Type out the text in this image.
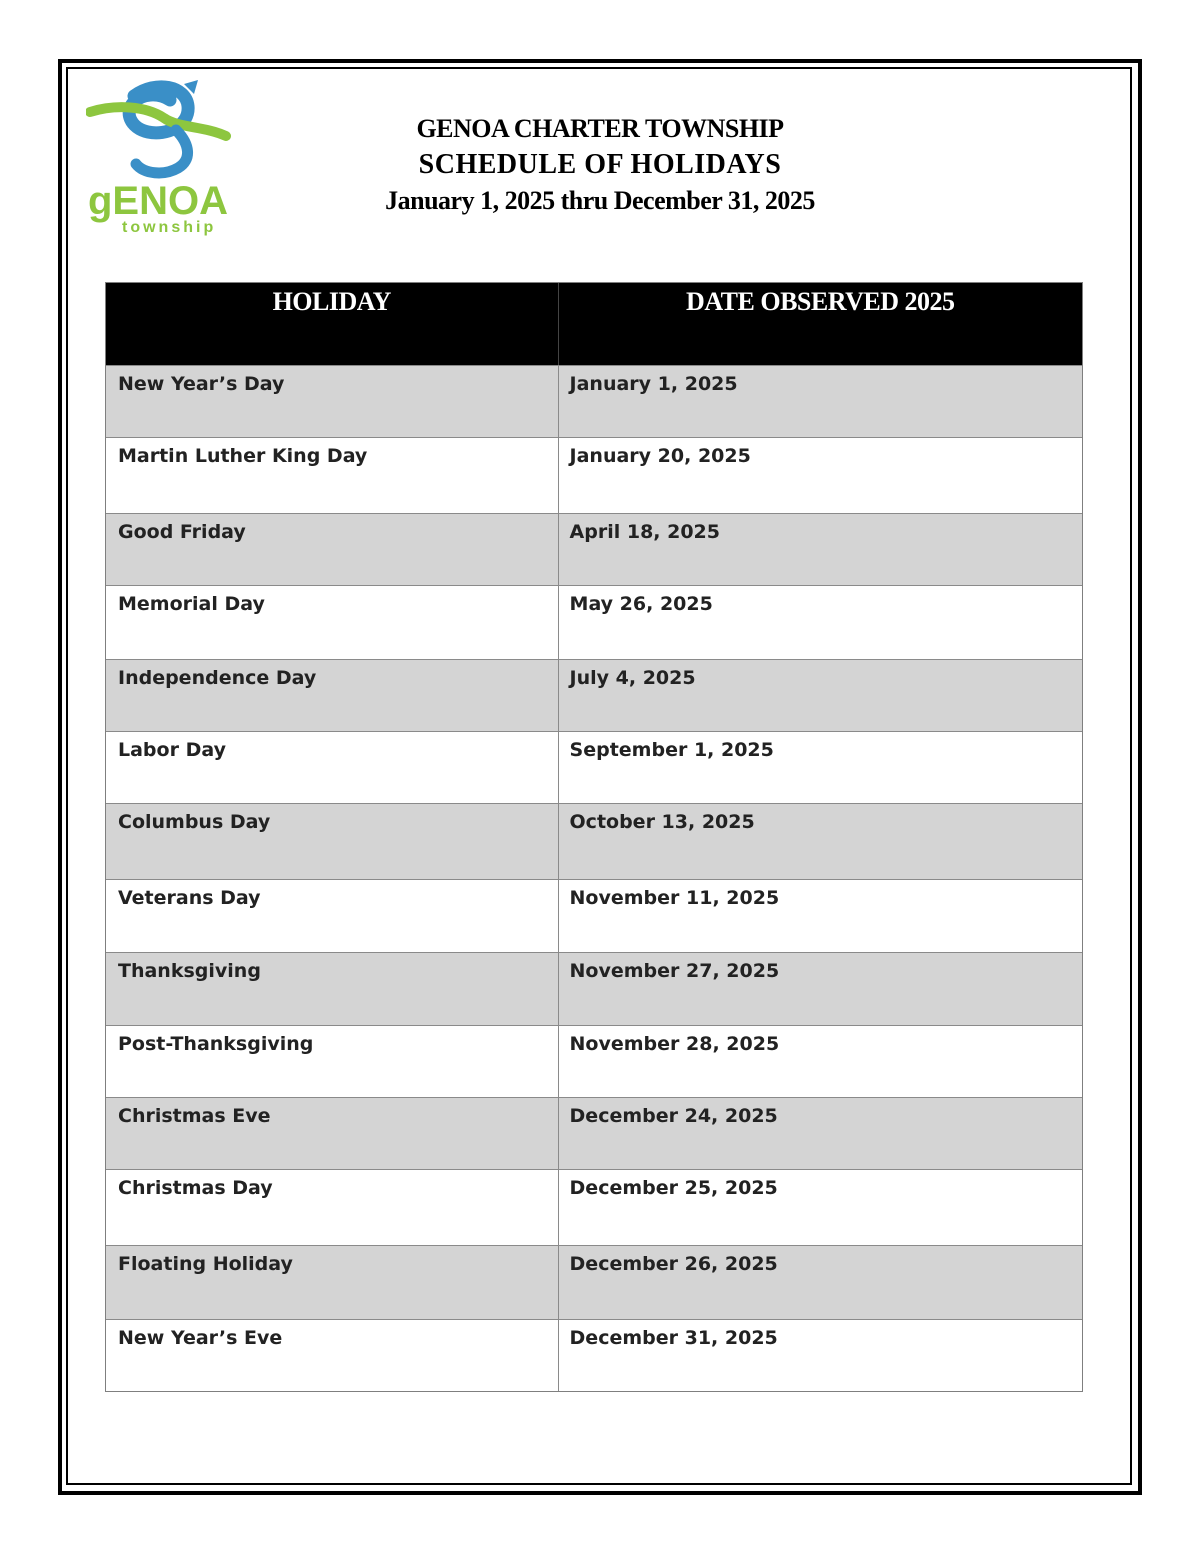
gENOA
township
GENOA CHARTER TOWNSHIP
SCHEDULE OF HOLIDAYS
January 1, 2025 thru December 31, 2025
HOLIDAY	DATE OBSERVED 2025
New Year’s Day	January 1, 2025
Martin Luther King Day	January 20, 2025
Good Friday	April 18, 2025
Memorial Day	May 26, 2025
Independence Day	July 4, 2025
Labor Day	September 1, 2025
Columbus Day	October 13, 2025
Veterans Day	November 11, 2025
Thanksgiving	November 27, 2025
Post-Thanksgiving	November 28, 2025
Christmas Eve	December 24, 2025
Christmas Day	December 25, 2025
Floating Holiday	December 26, 2025
New Year’s Eve	December 31, 2025
